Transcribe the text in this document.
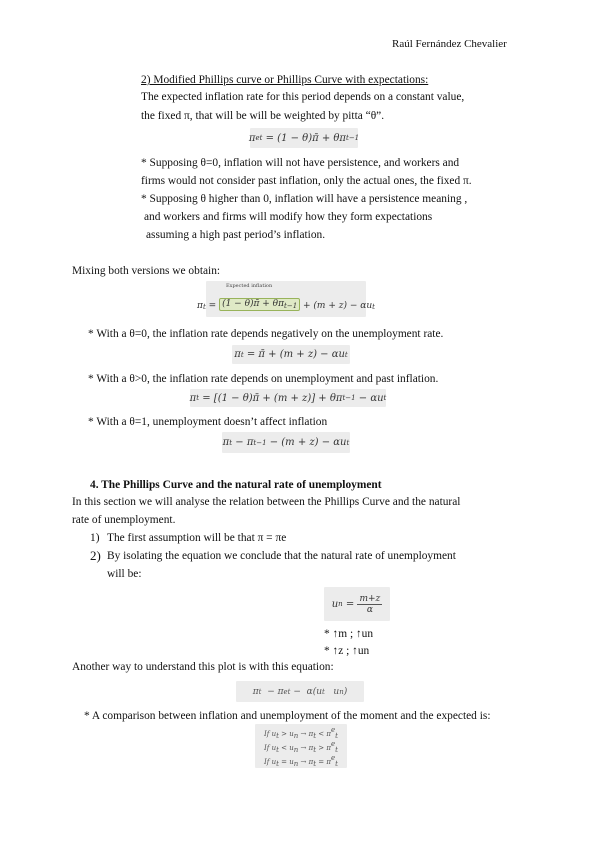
Raúl Fernández Chevalier
2) Modified Phillips curve or Phillips Curve with expectations:
The expected inflation rate for this period depends on a constant value,
the fixed π, that will be will be weighted by pitta “θ”.
π e t = (1 − θ)π̄ + θπ t−1
* Supposing θ=0, inflation will not have persistence, and workers and
firms would not consider past inflation, only the actual ones, the fixed π.
* Supposing θ higher than 0, inflation will have a persistence meaning ,
and workers and firms will modify how they form expectations
assuming a high past period’s inflation.
Mixing both versions we obtain:
Expected inflation
π t = (1 − θ)π̄ + $\theta\pi_{t-1} + (m + z) - \alpha u$ t
* With a θ=0, the inflation rate depends negatively on the unemployment rate.
π t = π̄ + (m + z) − αu t
* With a θ>0, the inflation rate depends on unemployment and past inflation.
π t = [(1 − θ)π̄ + (m + z)] + θπ t−1 − αu t
* With a θ=1, unemployment doesn’t affect inflation
π t − π t−1 − (m + z) − αu t
4. The Phillips Curve and the natural rate of unemployment
In this section we will analyse the relation between the Phillips Curve and the natural
rate of unemployment.
1) The first assumption will be that π = πe
2) By isolating the equation we conclude that the natural rate of unemployment
will be:
u $n = \frac{m+z}{\alpha}$
* ↑m ; ↑un
* ↑z ; ↑un
Another way to understand this plot is with this equation:
π t − π e t −  α(u t u n )
* A comparison between inflation and unemployment of the moment and the expected is:
If ut > un → πt < πet
If ut < un → πt > πet
If ut = un → πt = πet
